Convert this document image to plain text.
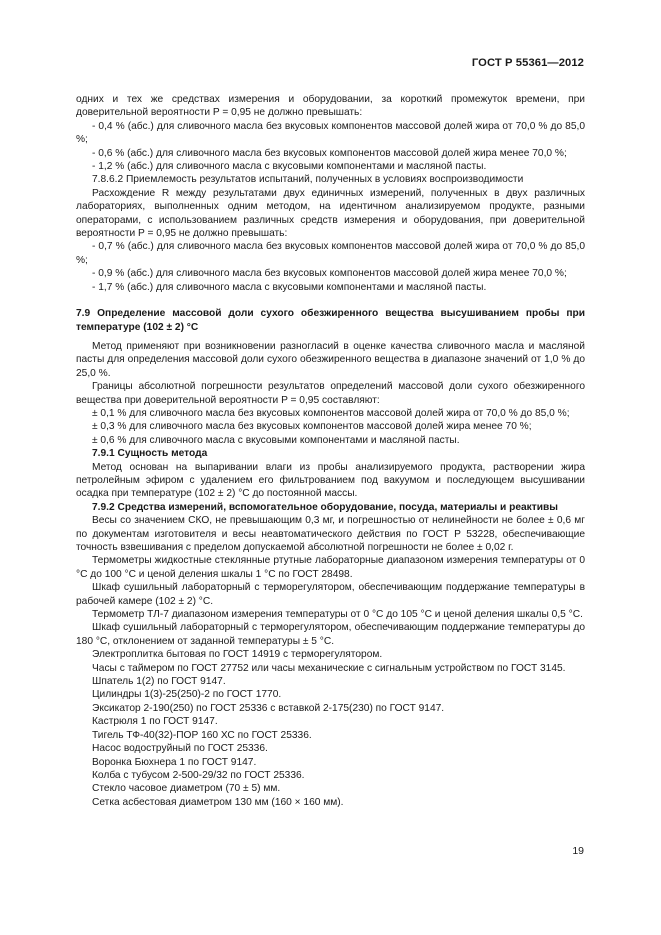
ГОСТ Р 55361—2012

одних и тех же средствах измерения и оборудовании, за короткий промежуток времени, при доверительной вероятности P = 0,95 не должно превышать:

- 0,4 % (абс.) для сливочного масла без вкусовых компонентов массовой долей жира от 70,0 % до 85,0 %;

- 0,6 % (абс.) для сливочного масла без вкусовых компонентов массовой долей жира менее 70,0 %;

- 1,2 % (абс.) для сливочного масла с вкусовыми компонентами и масляной пасты.

7.8.6.2 Приемлемость результатов испытаний, полученных в условиях воспроизводимости

Расхождение R между результатами двух единичных измерений, полученных в двух различных лабораториях, выполненных одним методом, на идентичном анализируемом продукте, разными операторами, с использованием различных средств измерения и оборудования, при доверительной вероятности P = 0,95 не должно превышать:

- 0,7 % (абс.) для сливочного масла без вкусовых компонентов массовой долей жира от 70,0 % до 85,0 %;

- 0,9 % (абс.) для сливочного масла без вкусовых компонентов массовой долей жира менее 70,0 %;

- 1,7 % (абс.) для сливочного масла с вкусовыми компонентами и масляной пасты.

7.9 Определение массовой доли сухого обезжиренного вещества высушиванием пробы при температуре (102 ± 2) °С

Метод применяют при возникновении разногласий в оценке качества сливочного масла и масляной пасты для определения массовой доли сухого обезжиренного вещества в диапазоне значений от 1,0 % до 25,0 %.

Границы абсолютной погрешности результатов определений массовой доли сухого обезжиренного вещества при доверительной вероятности P = 0,95 составляют:

± 0,1 % для сливочного масла без вкусовых компонентов массовой долей жира от 70,0 % до 85,0 %;

± 0,3 % для сливочного масла без вкусовых компонентов массовой долей жира менее 70 %;

± 0,6 % для сливочного масла с вкусовыми компонентами и масляной пасты.

7.9.1 Сущность метода

Метод основан на выпаривании влаги из пробы анализируемого продукта, растворении жира петролейным эфиром с удалением его фильтрованием под вакуумом и последующем высушивании осадка при температуре (102 ± 2) °С до постоянной массы.

7.9.2 Средства измерений, вспомогательное оборудование, посуда, материалы и реактивы

Весы со значением СКО, не превышающим 0,3 мг, и погрешностью от нелинейности не более ± 0,6 мг по документам изготовителя и весы неавтоматического действия по ГОСТ Р 53228, обеспечивающие точность взвешивания с пределом допускаемой абсолютной погрешности не более ± 0,02 г.

Термометры жидкостные стеклянные ртутные лабораторные диапазоном измерения температуры от 0 °С до 100 °С и ценой деления шкалы 1 °С по ГОСТ 28498.

Шкаф сушильный лабораторный с терморегулятором, обеспечивающим поддержание температуры в рабочей камере (102 ± 2) °С.

Термометр ТЛ-7 диапазоном измерения температуры от 0 °С до 105 °С и ценой деления шкалы 0,5 °С.

Шкаф сушильный лабораторный с терморегулятором, обеспечивающим поддержание температуры до 180 °С, отклонением от заданной температуры ± 5 °С.

Электроплитка бытовая по ГОСТ 14919 с терморегулятором.

Часы с таймером по ГОСТ 27752 или часы механические с сигнальным устройством по ГОСТ 3145.

Шпатель 1(2) по ГОСТ 9147.

Цилиндры 1(3)-25(250)-2 по ГОСТ 1770.

Эксикатор 2-190(250) по ГОСТ 25336 с вставкой 2-175(230) по ГОСТ 9147.

Кастрюля 1 по ГОСТ 9147.

Тигель ТФ-40(32)-ПОР 160 ХС по ГОСТ 25336.

Насос водоструйный по ГОСТ 25336.

Воронка Бюхнера 1 по ГОСТ 9147.

Колба с тубусом 2-500-29/32 по ГОСТ 25336.

Стекло часовое диаметром (70 ± 5) мм.

Сетка асбестовая диаметром 130 мм (160 × 160 мм).

19
